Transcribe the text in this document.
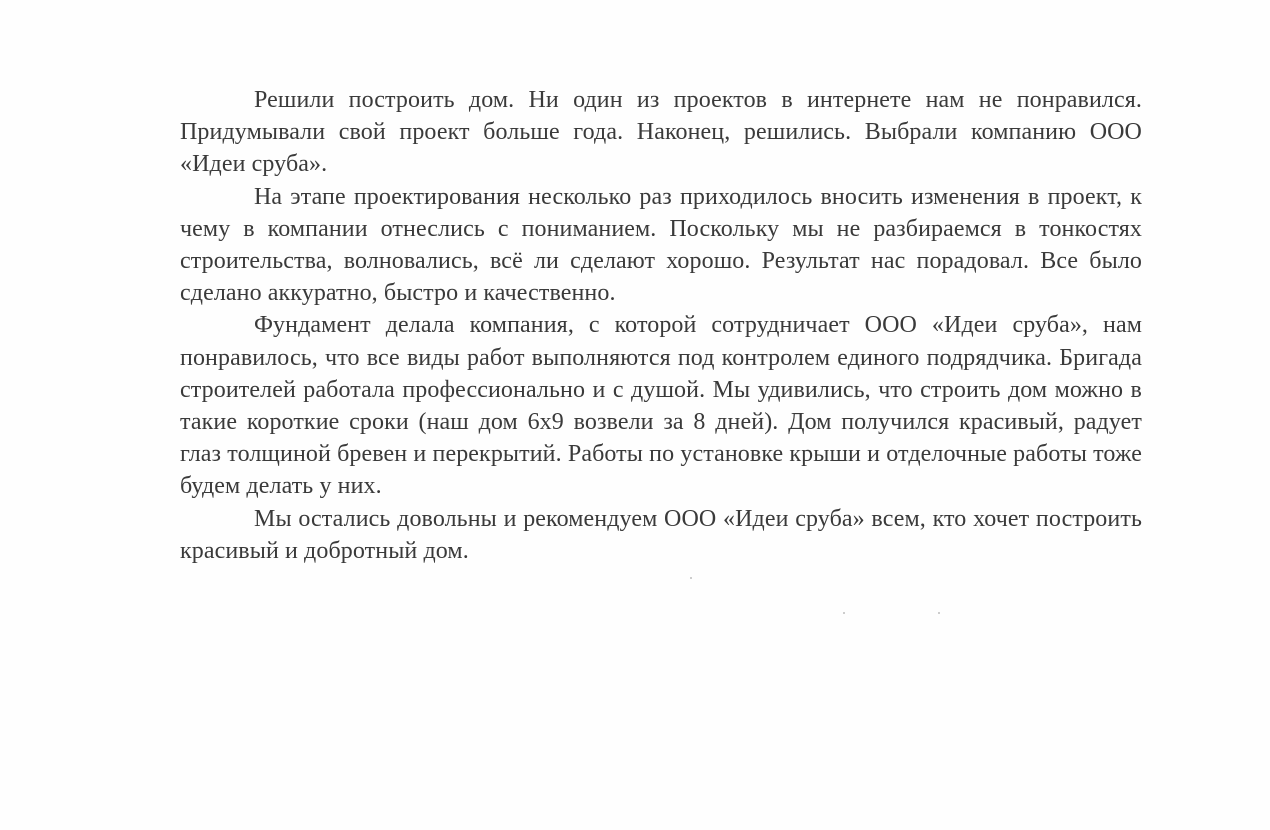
Решили построить дом. Ни один из проектов в интернете нам не понравился. Придумывали свой проект больше года. Наконец, решились. Выбрали компанию ООО «Идеи сруба».

На этапе проектирования несколько раз приходилось вносить изменения в проект, к чему в компании отнеслись с пониманием. Поскольку мы не разбираемся в тонкостях строительства, волновались, всё ли сделают хорошо. Результат нас порадовал. Все было сделано аккуратно, быстро и качественно.

Фундамент делала компания, с которой сотрудничает ООО «Идеи сруба», нам понравилось, что все виды работ выполняются под контролем единого подрядчика. Бригада строителей работала профессионально и с душой. Мы удивились, что строить дом можно в такие короткие сроки (наш дом 6х9 возвели за 8 дней). Дом получился красивый, радует глаз толщиной бревен и перекрытий. Работы по установке крыши и отделочные работы тоже будем делать у них.

Мы остались довольны и рекомендуем ООО «Идеи сруба» всем, кто хочет построить красивый и добротный дом.
